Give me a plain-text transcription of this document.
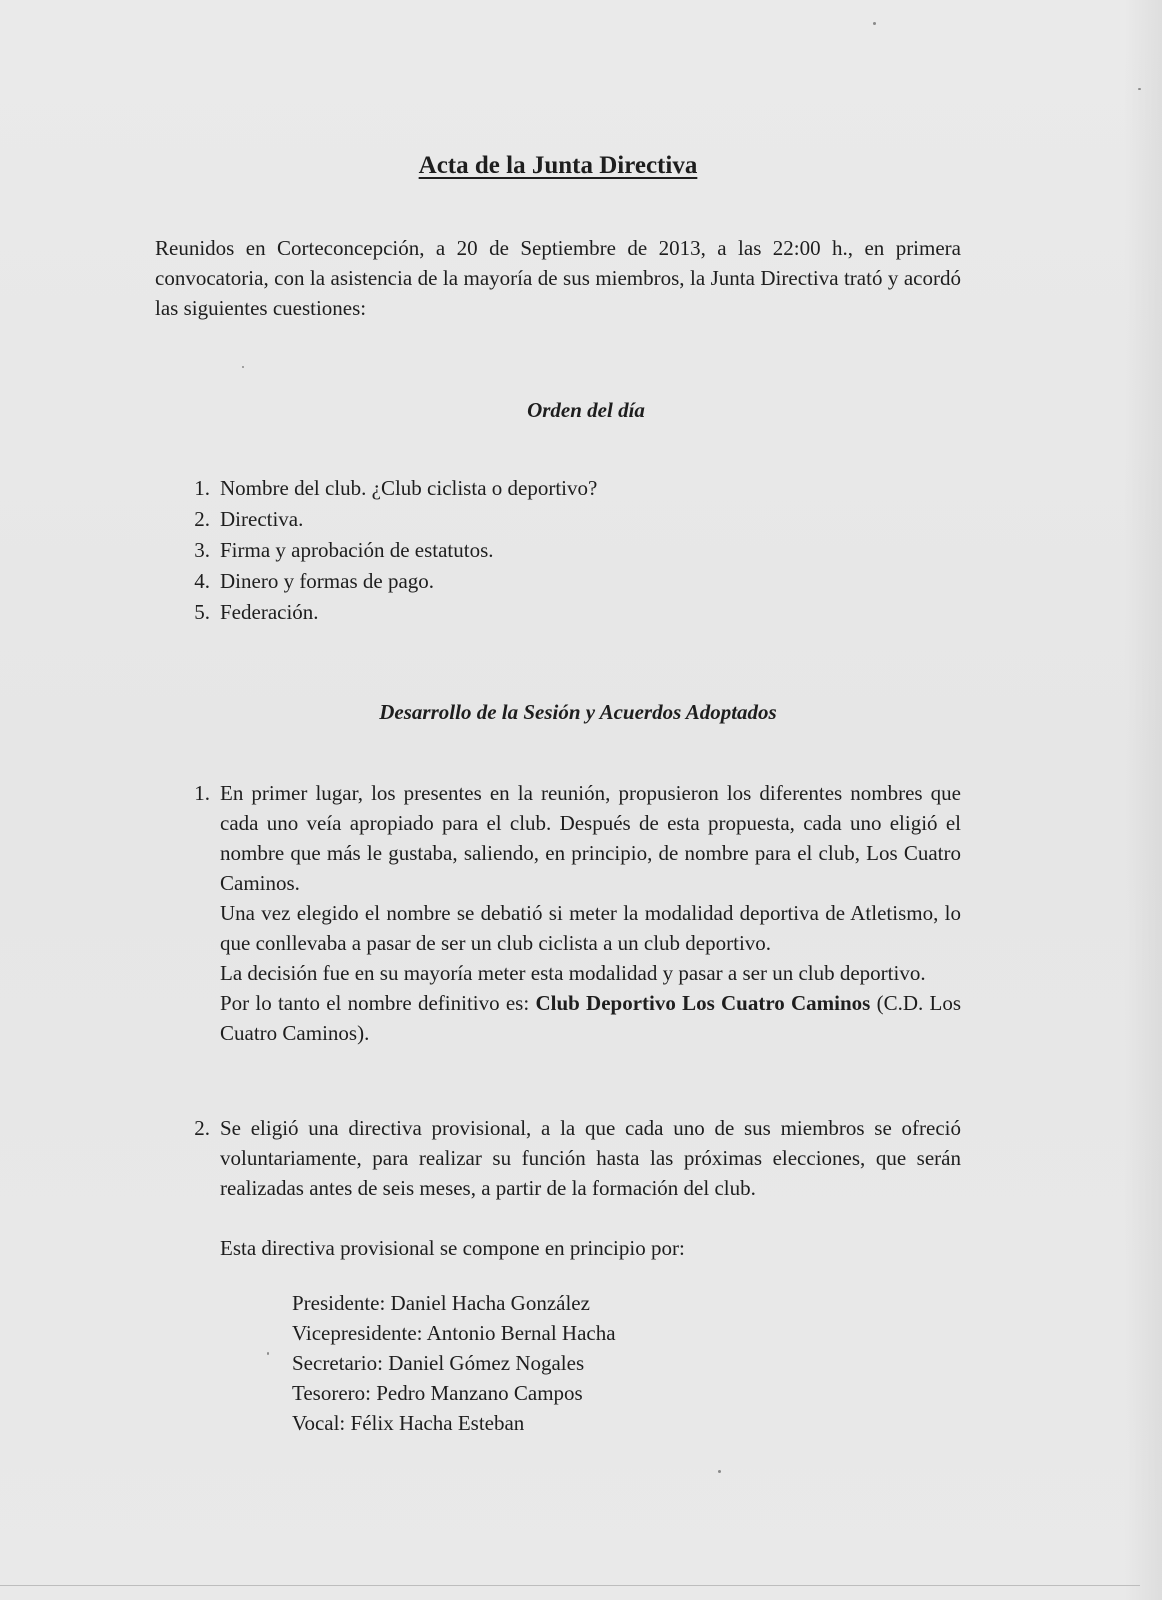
Acta de la Junta Directiva

Reunidos en Corteconcepción, a 20 de Septiembre de 2013, a las 22:00 h., en primera convocatoria, con la asistencia de la mayoría de sus miembros, la Junta Directiva trató y acordó las siguientes cuestiones:

Orden del día

1. Nombre del club. ¿Club ciclista o deportivo?
2. Directiva.
3. Firma y aprobación de estatutos.
4. Dinero y formas de pago.
5. Federación.

Desarrollo de la Sesión y Acuerdos Adoptados

1. En primer lugar, los presentes en la reunión, propusieron los diferentes nombres que cada uno veía apropiado para el club. Después de esta propuesta, cada uno eligió el nombre que más le gustaba, saliendo, en principio, de nombre para el club, Los Cuatro Caminos.

Una vez elegido el nombre se debatió si meter la modalidad deportiva de Atletismo, lo que conllevaba a pasar de ser un club ciclista a un club deportivo.

La decisión fue en su mayoría meter esta modalidad y pasar a ser un club deportivo.

Por lo tanto el nombre definitivo es: Club Deportivo Los Cuatro Caminos (C.D. Los Cuatro Caminos).

2. Se eligió una directiva provisional, a la que cada uno de sus miembros se ofreció voluntariamente, para realizar su función hasta las próximas elecciones, que serán realizadas antes de seis meses, a partir de la formación del club.

Esta directiva provisional se compone en principio por:

Presidente: Daniel Hacha González
Vicepresidente: Antonio Bernal Hacha
Secretario: Daniel Gómez Nogales
Tesorero: Pedro Manzano Campos
Vocal: Félix Hacha Esteban
